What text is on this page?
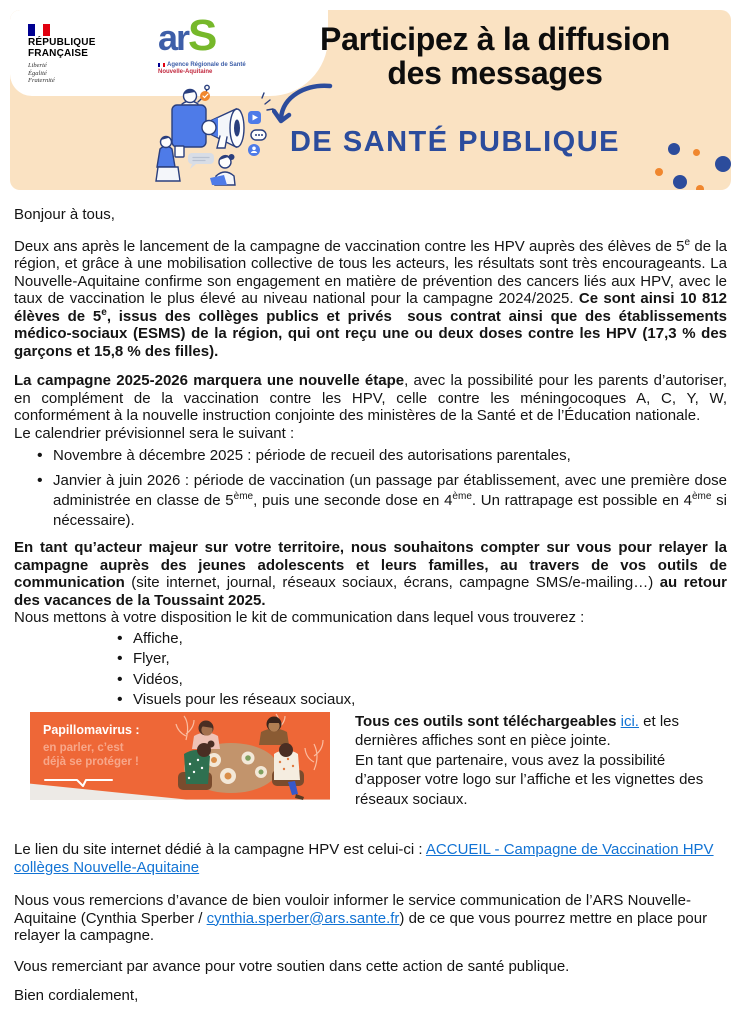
RÉPUBLIQUE
FRANÇAISE
Liberté
Égalité
Fraternité
arS
Agence Régionale de Santé
Nouvelle-Aquitaine
Participez à la diffusion
des messages
DE SANTÉ PUBLIQUE

Bonjour à tous,

Deux ans après le lancement de la campagne de vaccination contre les HPV auprès des élèves de 5e de la région, et grâce à une mobilisation collective de tous les acteurs, les résultats sont très encourageants. La Nouvelle-Aquitaine confirme son engagement en matière de prévention des cancers liés aux HPV, avec le taux de vaccination le plus élevé au niveau national pour la campagne 2024/2025. Ce sont ainsi 10 812 élèves de 5e, issus des collèges publics et privés  sous contrat ainsi que des établissements médico-sociaux (ESMS) de la région, qui ont reçu une ou deux doses contre les HPV (17,3 % des garçons et 15,8 % des filles).

La campagne 2025-2026 marquera une nouvelle étape, avec la possibilité pour les parents d’autoriser, en complément de la vaccination contre les HPV, celle contre les méningocoques A, C, Y, W, conformément à la nouvelle instruction conjointe des ministères de la Santé et de l’Éducation nationale.
Le calendrier prévisionnel sera le suivant :

• Novembre à décembre 2025 : période de recueil des autorisations parentales,
• Janvier à juin 2026 : période de vaccination (un passage par établissement, avec une première dose administrée en classe de 5ème, puis une seconde dose en 4ème. Un rattrapage est possible en 4ème si nécessaire).

En tant qu’acteur majeur sur votre territoire, nous souhaitons compter sur vous pour relayer la campagne auprès des jeunes adolescents et leurs familles, au travers de vos outils de communication (site internet, journal, réseaux sociaux, écrans, campagne SMS/e-mailing…) au retour des vacances de la Toussaint 2025.
Nous mettons à votre disposition le kit de communication dans lequel vous trouverez :

• Affiche,
• Flyer,
• Vidéos,
• Visuels pour les réseaux sociaux,
Papillomavirus :
en parler, c’est
déjà se protéger !
Tous ces outils sont téléchargeables ici. et les dernières affiches sont en pièce jointe.
En tant que partenaire, vous avez la possibilité d’apposer votre logo sur l’affiche et les vignettes des réseaux sociaux.

Le lien du site internet dédié à la campagne HPV est celui-ci : ACCUEIL - Campagne de Vaccination HPV collèges Nouvelle-Aquitaine

Nous vous remercions d’avance de bien vouloir informer le service communication de l’ARS Nouvelle-Aquitaine (Cynthia Sperber / cynthia.sperber@ars.sante.fr) de ce que vous pourrez mettre en place pour relayer la campagne.

Vous remerciant par avance pour votre soutien dans cette action de santé publique.

Bien cordialement,
